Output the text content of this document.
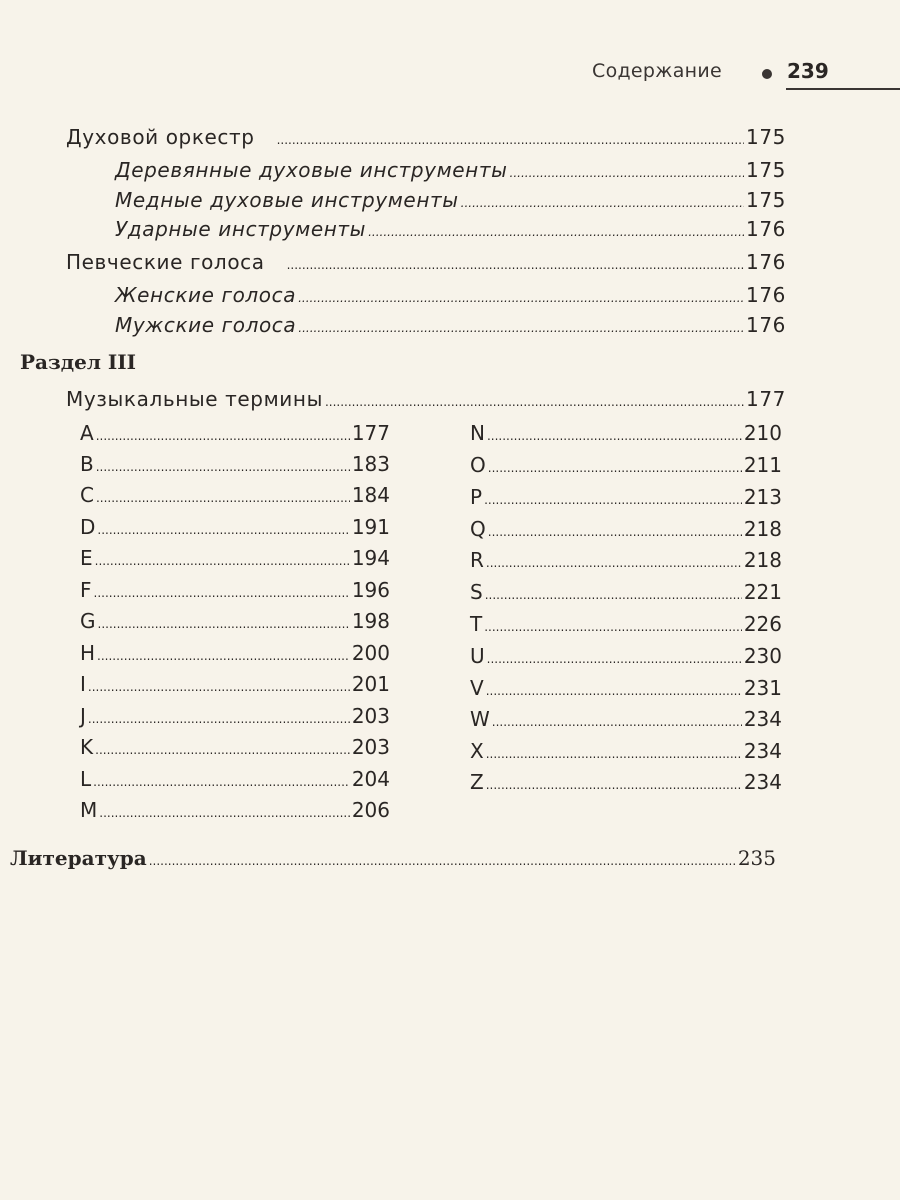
Содержание	239
Духовой оркестр .....	175
Деревянные духовые инструменты .....	175
Медные духовые инструменты .....	175
Ударные инструменты .....	176
Певческие голоса .....	176
Женские голоса .....	176
Мужские голоса .....	176
Раздел III
Музыкальные термины .....	177
A .....	177
B .....	183
C .....	184
D .....	191
E .....	194
F .....	196
G .....	198
H .....	200
I .....	201
J .....	203
K .....	203
L .....	204
M .....	206
N .....	210
O .....	211
P .....	213
Q .....	218
R .....	218
S .....	221
T .....	226
U .....	230
V .....	231
W .....	234
X .....	234
Z .....	234
Литература .....	235
